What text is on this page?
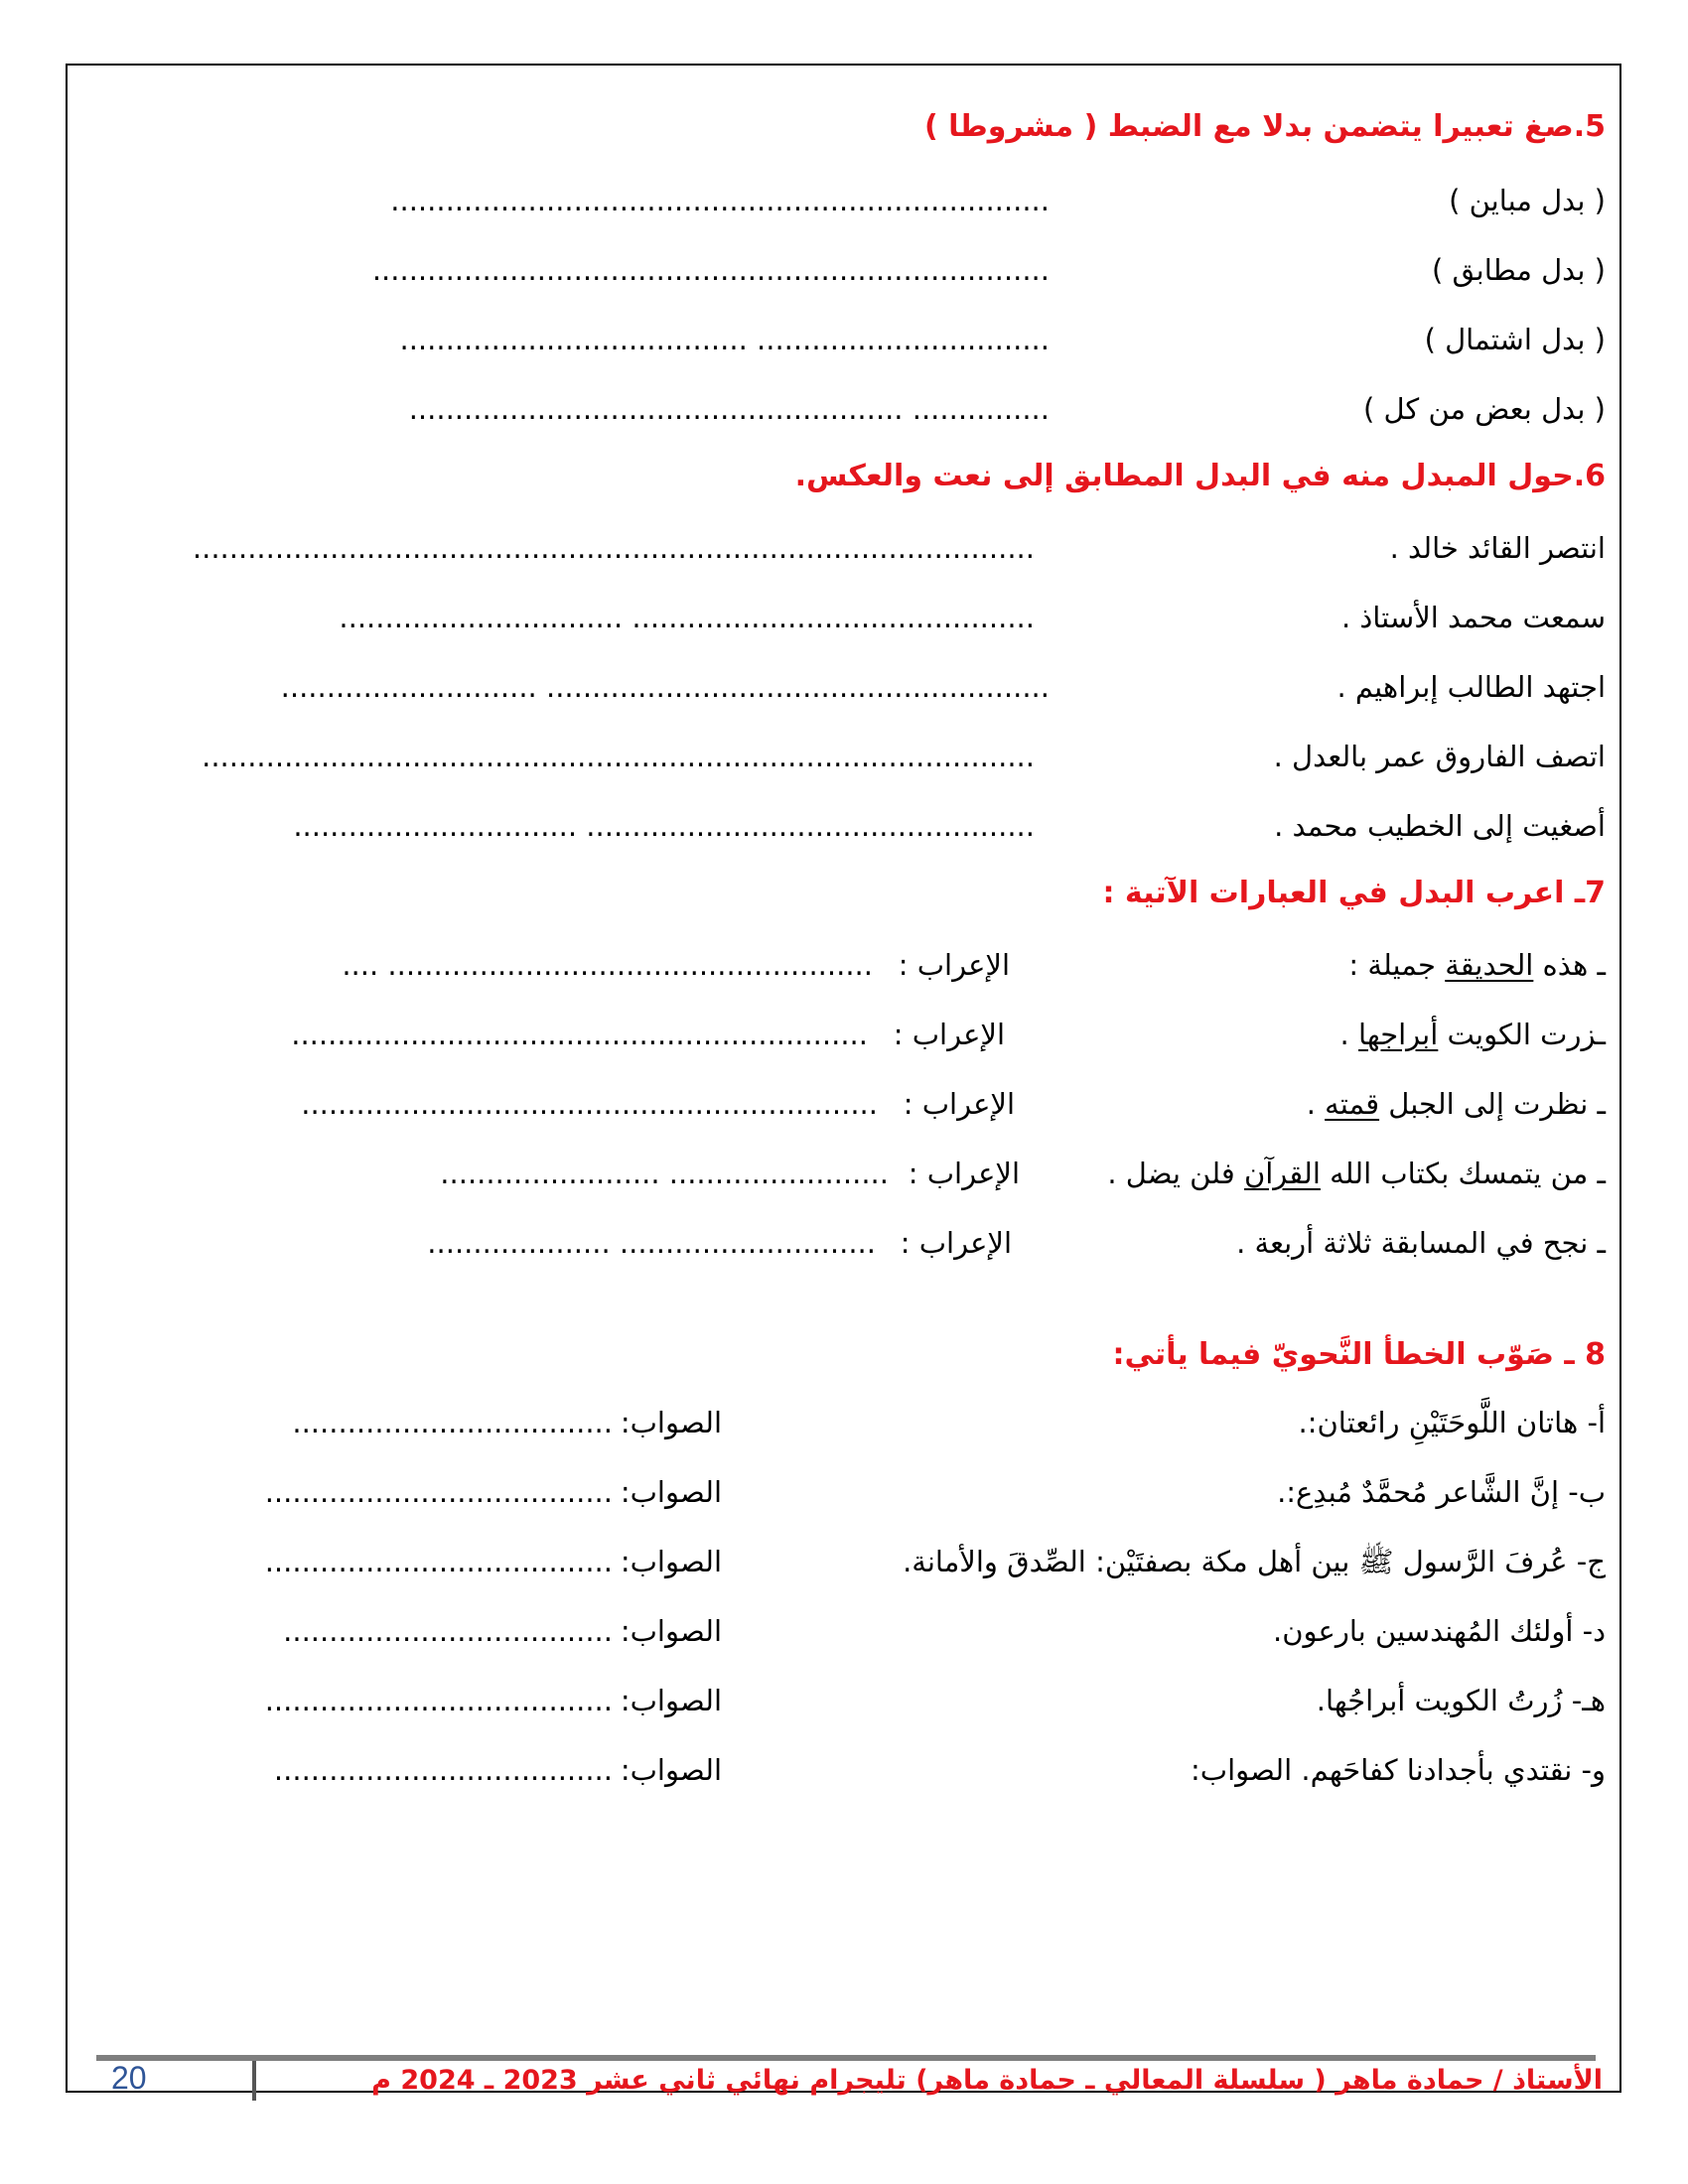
5.صغ تعبيرا يتضمن بدلا مع الضبط ( مشروطا )
( بدل مباين )
........................................................................
( بدل مطابق )
..........................................................................
( بدل اشتمال )
................................ ......................................
( بدل بعض من كل )
............... ......................................................
6.حول المبدل منه في البدل المطابق إلى نعت والعكس.
انتصر القائد خالد .
............................................................................................
سمعت محمد الأستاذ .
............................................ ...............................
اجتهد الطالب إبراهيم .
....................................................... ............................
اتصف الفاروق عمر بالعدل .
...........................................................................................
أصغيت إلى الخطيب محمد .
................................................. ...............................
7ـ اعرب البدل في العبارات الآتية :
ـ هذه الحديقة جميلة :
الإعراب :
..................................................... ....
ـزرت الكويت أبراجها .
الإعراب :
...............................................................
ـ نظرت إلى الجبل قمته .
الإعراب :
...............................................................
ـ من يتمسك بكتاب الله القرآن فلن يضل .
الإعراب :
........................ ........................
ـ نجح في المسابقة ثلاثة أربعة .
الإعراب :
............................ ....................
8 ـ صَوّب الخطأ النَّحويّ فيما يأتي:
أ- هاتان اللَّوحَتَيْنِ رائعتان:.
الصواب:
...................................
ب- إنَّ الشَّاعر مُحمَّدٌ مُبدِع:.
الصواب:
......................................
ج- عُرفَ الرَّسول ﷺ بين أهل مكة بصفتَيْن: الصِّدقَ والأمانة.
الصواب:
......................................
د- أولئك المُهندسين بارعون.
الصواب:
....................................
هـ- زُرتُ الكويت أبراجُها.
الصواب:
......................................
و- نقتدي بأجدادنا كفاحَهم. الصواب:
الصواب:
.....................................
الأستاذ / حمادة ماهر ( سلسلة المعالي ـ حمادة ماهر) تليجرام نهائي ثاني عشر 2023 ـ 2024 م
20
